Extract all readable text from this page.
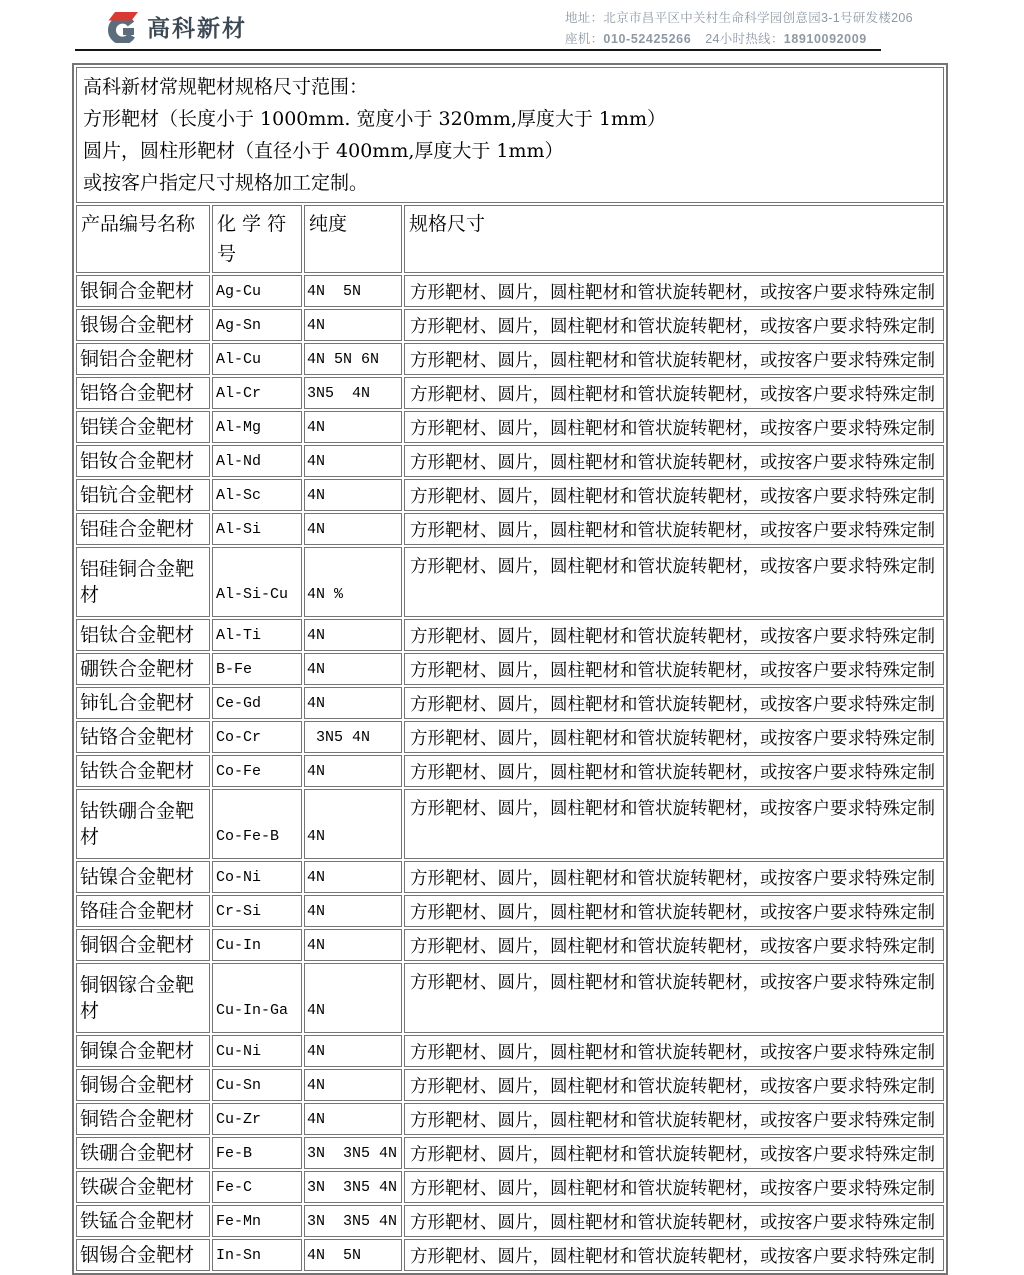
高科新材	地址：北京市昌平区中关村生命科学园创意园3-1号研发楼206
座机：010-52425266 24小时热线：18910092009
高科新材常规靶材规格尺寸范围：
方形靶材（长度小于 1000mm. 宽度小于 320mm,厚度大于 1mm）
圆片，圆柱形靶材（直径小于 400mm,厚度大于 1mm）
或按客户指定尺寸规格加工定制。			

产品编号名称	化 学 符号	纯度	规格尺寸
银铜合金靶材	Ag-Cu	4N  5N	方形靶材、圆片，圆柱靶材和管状旋转靶材，或按客户要求特殊定制
银锡合金靶材	Ag-Sn	4N	方形靶材、圆片，圆柱靶材和管状旋转靶材，或按客户要求特殊定制
铜铝合金靶材	Al-Cu	4N 5N 6N	方形靶材、圆片，圆柱靶材和管状旋转靶材，或按客户要求特殊定制
铝铬合金靶材	Al-Cr	3N5  4N	方形靶材、圆片，圆柱靶材和管状旋转靶材，或按客户要求特殊定制
铝镁合金靶材	Al-Mg	4N	方形靶材、圆片，圆柱靶材和管状旋转靶材，或按客户要求特殊定制
铝钕合金靶材	Al-Nd	4N	方形靶材、圆片，圆柱靶材和管状旋转靶材，或按客户要求特殊定制
铝钪合金靶材	Al-Sc	4N	方形靶材、圆片，圆柱靶材和管状旋转靶材，或按客户要求特殊定制
铝硅合金靶材	Al-Si	4N	方形靶材、圆片，圆柱靶材和管状旋转靶材，或按客户要求特殊定制
铝硅铜合金靶材	Al-Si-Cu	4N %	方形靶材、圆片，圆柱靶材和管状旋转靶材，或按客户要求特殊定制
铝钛合金靶材	Al-Ti	4N	方形靶材、圆片，圆柱靶材和管状旋转靶材，或按客户要求特殊定制
硼铁合金靶材	B-Fe	4N	方形靶材、圆片，圆柱靶材和管状旋转靶材，或按客户要求特殊定制
铈钆合金靶材	Ce-Gd	4N	方形靶材、圆片，圆柱靶材和管状旋转靶材，或按客户要求特殊定制
钴铬合金靶材	Co-Cr	3N5 4N	方形靶材、圆片，圆柱靶材和管状旋转靶材，或按客户要求特殊定制
钴铁合金靶材	Co-Fe	4N	方形靶材、圆片，圆柱靶材和管状旋转靶材，或按客户要求特殊定制
钴铁硼合金靶材	Co-Fe-B	4N	方形靶材、圆片，圆柱靶材和管状旋转靶材，或按客户要求特殊定制
钴镍合金靶材	Co-Ni	4N	方形靶材、圆片，圆柱靶材和管状旋转靶材，或按客户要求特殊定制
铬硅合金靶材	Cr-Si	4N	方形靶材、圆片，圆柱靶材和管状旋转靶材，或按客户要求特殊定制
铜铟合金靶材	Cu-In	4N	方形靶材、圆片，圆柱靶材和管状旋转靶材，或按客户要求特殊定制
铜铟镓合金靶材	Cu-In-Ga	4N	方形靶材、圆片，圆柱靶材和管状旋转靶材，或按客户要求特殊定制
铜镍合金靶材	Cu-Ni	4N	方形靶材、圆片，圆柱靶材和管状旋转靶材，或按客户要求特殊定制
铜锡合金靶材	Cu-Sn	4N	方形靶材、圆片，圆柱靶材和管状旋转靶材，或按客户要求特殊定制
铜锆合金靶材	Cu-Zr	4N	方形靶材、圆片，圆柱靶材和管状旋转靶材，或按客户要求特殊定制
铁硼合金靶材	Fe-B	3N  3N5 4N	方形靶材、圆片，圆柱靶材和管状旋转靶材，或按客户要求特殊定制
铁碳合金靶材	Fe-C	3N  3N5 4N	方形靶材、圆片，圆柱靶材和管状旋转靶材，或按客户要求特殊定制
铁锰合金靶材	Fe-Mn	3N  3N5 4N	方形靶材、圆片，圆柱靶材和管状旋转靶材，或按客户要求特殊定制
铟锡合金靶材	In-Sn	4N  5N	方形靶材、圆片，圆柱靶材和管状旋转靶材，或按客户要求特殊定制
